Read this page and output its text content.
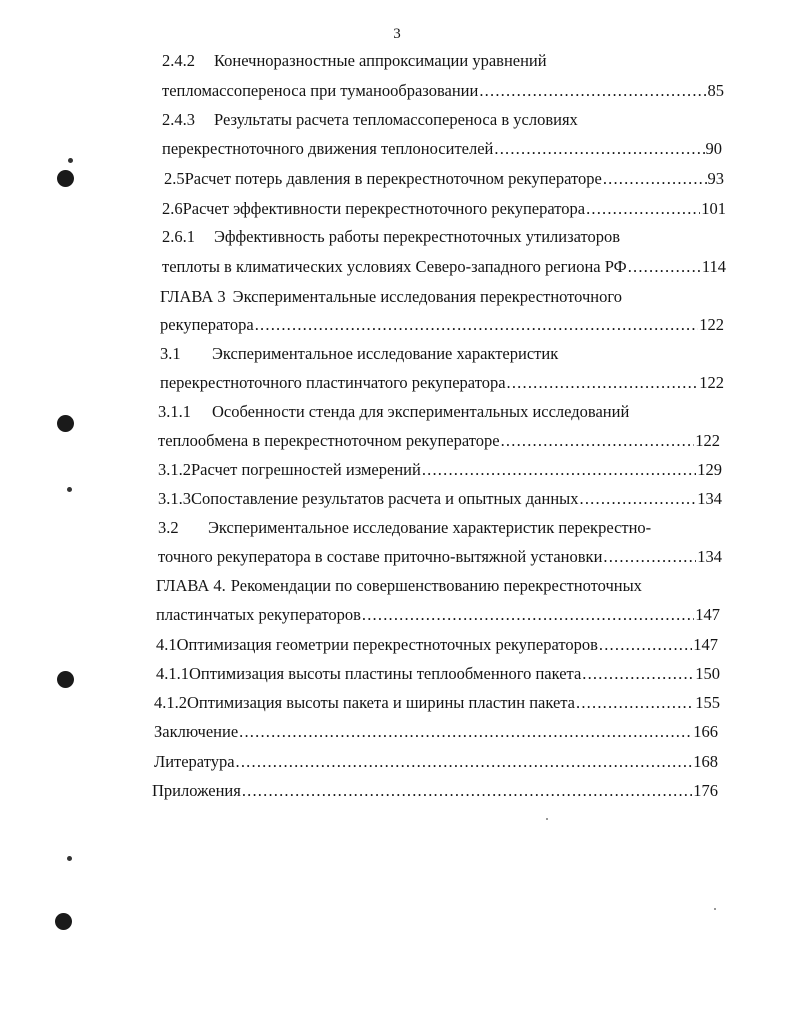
3
2.4.2 Конечноразностные аппроксимации уравнений
тепломассопереноса при туманообразовании .....	85
2.4.3 Результаты расчета тепломассопереноса в условиях
перекрестноточного движения теплоносителей .....	90
2.5 Расчет потерь давления в перекрестноточном рекуператоре .....	93
2.6 Расчет эффективности перекрестноточного рекуператора .....	101
2.6.1 Эффективность работы перекрестноточных утилизаторов
теплоты в климатических условиях Северо-западного региона РФ .....	114
ГЛАВА 3 Экспериментальные исследования перекрестноточного
рекуператора .....	122
3.1 Экспериментальное исследование характеристик
перекрестноточного пластинчатого рекуператора .....	122
3.1.1 Особенности стенда для экспериментальных исследований
теплообмена в перекрестноточном рекуператоре .....	122
3.1.2 Расчет погрешностей измерений .....	129
3.1.3 Сопоставление результатов расчета и опытных данных .....	134
3.2 Экспериментальное исследование характеристик перекрестно-
точного рекуператора в составе приточно-вытяжной установки .....	134
ГЛАВА 4. Рекомендации по совершенствованию перекрестноточных
пластинчатых рекуператоров .....	147
4.1 Оптимизация геометрии перекрестноточных рекуператоров .....	147
4.1.1 Оптимизация высоты пластины теплообменного пакета .....	150
4.1.2 Оптимизация высоты пакета и ширины пластин пакета .....	155
Заключение .....	166
Литература .....	168
Приложения .....	176
